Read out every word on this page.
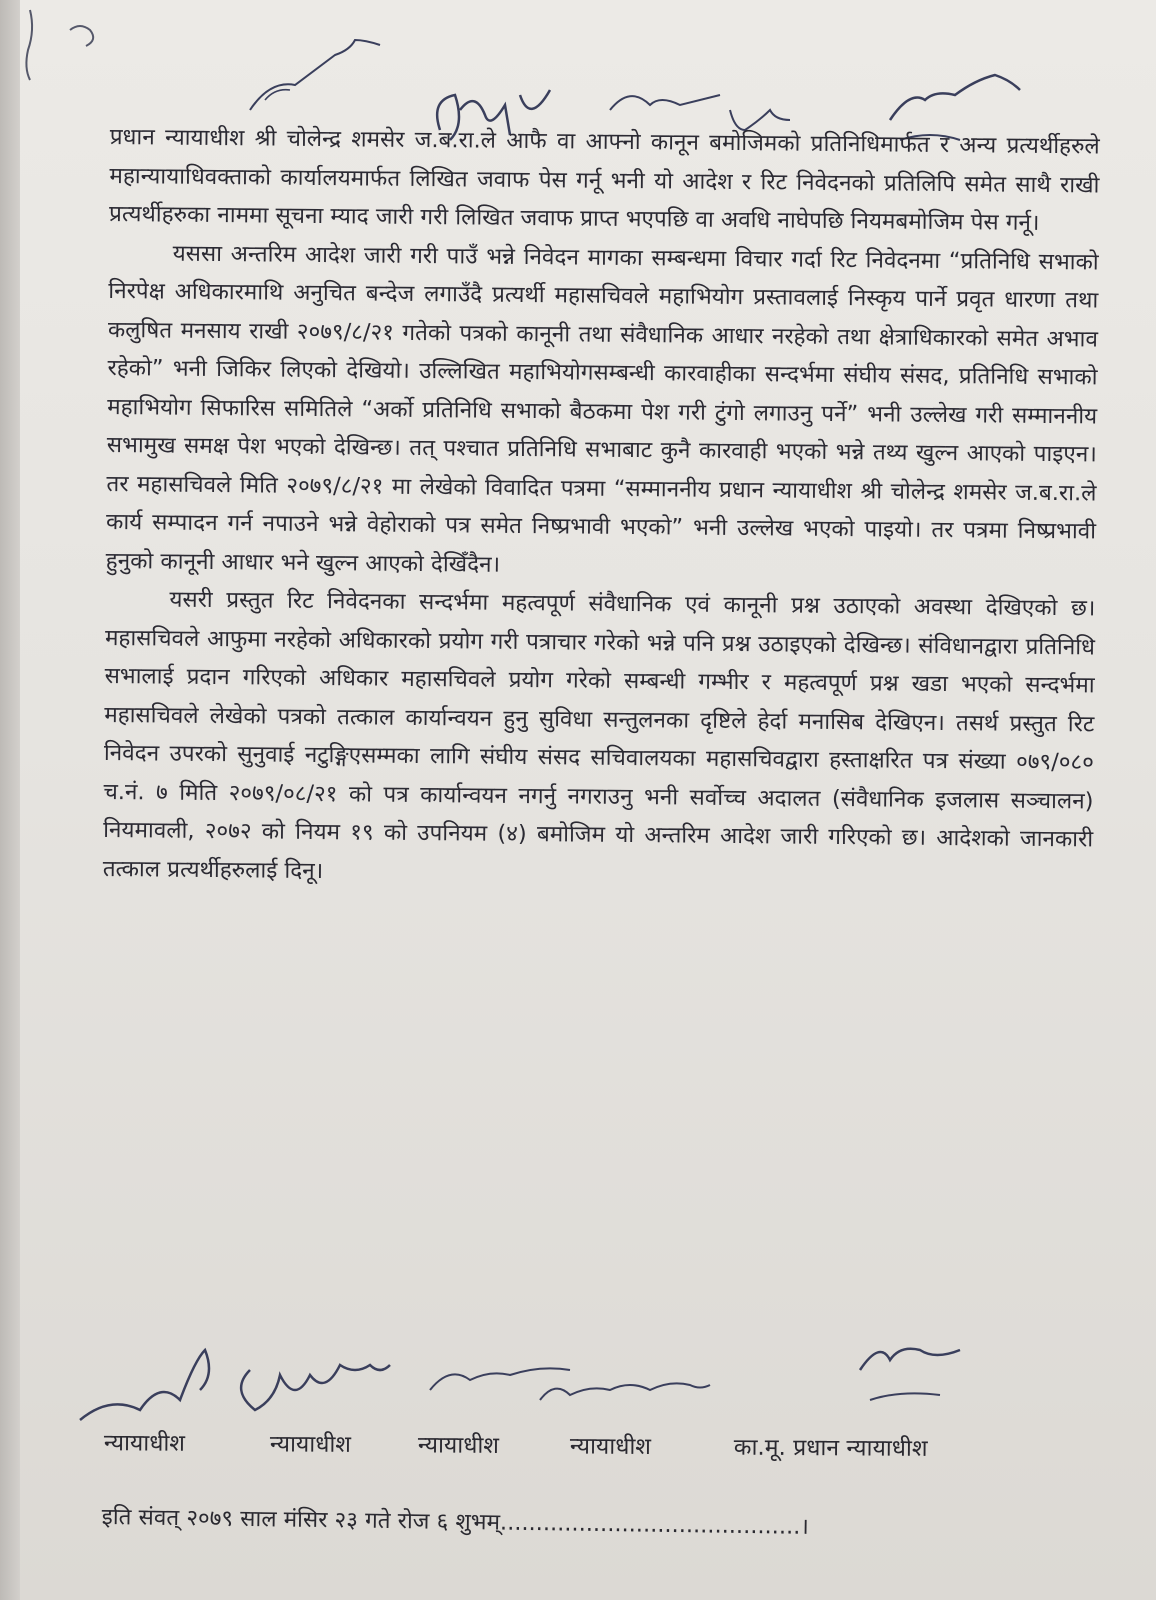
प्रधान न्यायाधीश श्री चोलेन्द्र शमसेर ज.ब.रा.ले आफै वा आफ्नो कानून बमोजिमको प्रतिनिधिमार्फत र अन्य प्रत्यर्थीहरुले महान्यायाधिवक्ताको कार्यालयमार्फत लिखित जवाफ पेस गर्नू भनी यो आदेश र रिट निवेदनको प्रतिलिपि समेत साथै राखी प्रत्यर्थीहरुका नाममा सूचना म्याद जारी गरी लिखित जवाफ प्राप्त भएपछि वा अवधि नाघेपछि नियमबमोजिम पेस गर्नू।

यससा अन्तरिम आदेश जारी गरी पाउँ भन्ने निवेदन मागका सम्बन्धमा विचार गर्दा रिट निवेदनमा “प्रतिनिधि सभाको निरपेक्ष अधिकारमाथि अनुचित बन्देज लगाउँदै प्रत्यर्थी महासचिवले महाभियोग प्रस्तावलाई निस्कृय पार्ने प्रवृत धारणा तथा कलुषित मनसाय राखी २०७९/८/२१ गतेको पत्रको कानूनी तथा संवैधानिक आधार नरहेको तथा क्षेत्राधिकारको समेत अभाव रहेको” भनी जिकिर लिएको देखियो। उल्लिखित महाभियोगसम्बन्धी कारवाहीका सन्दर्भमा संघीय संसद, प्रतिनिधि सभाको महाभियोग सिफारिस समितिले “अर्को प्रतिनिधि सभाको बैठकमा पेश गरी टुंगो लगाउनु पर्ने” भनी उल्लेख गरी सम्माननीय सभामुख समक्ष पेश भएको देखिन्छ। तत् पश्चात प्रतिनिधि सभाबाट कुनै कारवाही भएको भन्ने तथ्य खुल्न आएको पाइएन। तर महासचिवले मिति २०७९/८/२१ मा लेखेको विवादित पत्रमा “सम्माननीय प्रधान न्यायाधीश श्री चोलेन्द्र शमसेर ज.ब.रा.ले कार्य सम्पादन गर्न नपाउने भन्ने वेहोराको पत्र समेत निष्प्रभावी भएको” भनी उल्लेख भएको पाइयो। तर पत्रमा निष्प्रभावी हुनुको कानूनी आधार भने खुल्न आएको देखिँदैन।

यसरी प्रस्तुत रिट निवेदनका सन्दर्भमा महत्वपूर्ण संवैधानिक एवं कानूनी प्रश्न उठाएको अवस्था देखिएको छ। महासचिवले आफुमा नरहेको अधिकारको प्रयोग गरी पत्राचार गरेको भन्ने पनि प्रश्न उठाइएको देखिन्छ। संविधानद्वारा प्रतिनिधि सभालाई प्रदान गरिएको अधिकार महासचिवले प्रयोग गरेको सम्बन्धी गम्भीर र महत्वपूर्ण प्रश्न खडा भएको सन्दर्भमा महासचिवले लेखेको पत्रको तत्काल कार्यान्वयन हुनु सुविधा सन्तुलनका दृष्टिले हेर्दा मनासिब देखिएन। तसर्थ प्रस्तुत रिट निवेदन उपरको सुनुवाई नटुङ्गिएसम्मका लागि संघीय संसद सचिवालयका महासचिवद्वारा हस्ताक्षरित पत्र संख्या ०७९/०८० च.नं. ७ मिति २०७९/०८/२१ को पत्र कार्यान्वयन नगर्नु नगराउनु भनी सर्वोच्च अदालत (संवैधानिक इजलास सञ्चालन) नियमावली, २०७२ को नियम १९ को उपनियम (४) बमोजिम यो अन्तरिम आदेश जारी गरिएको छ। आदेशको जानकारी तत्काल प्रत्यर्थीहरुलाई दिनू।

न्यायाधीश	न्यायाधीश	न्यायाधीश	न्यायाधीश	का.मू. प्रधान न्यायाधीश
इति संवत् २०७९ साल मंसिर २३ गते रोज ६ शुभम्..........................................।
